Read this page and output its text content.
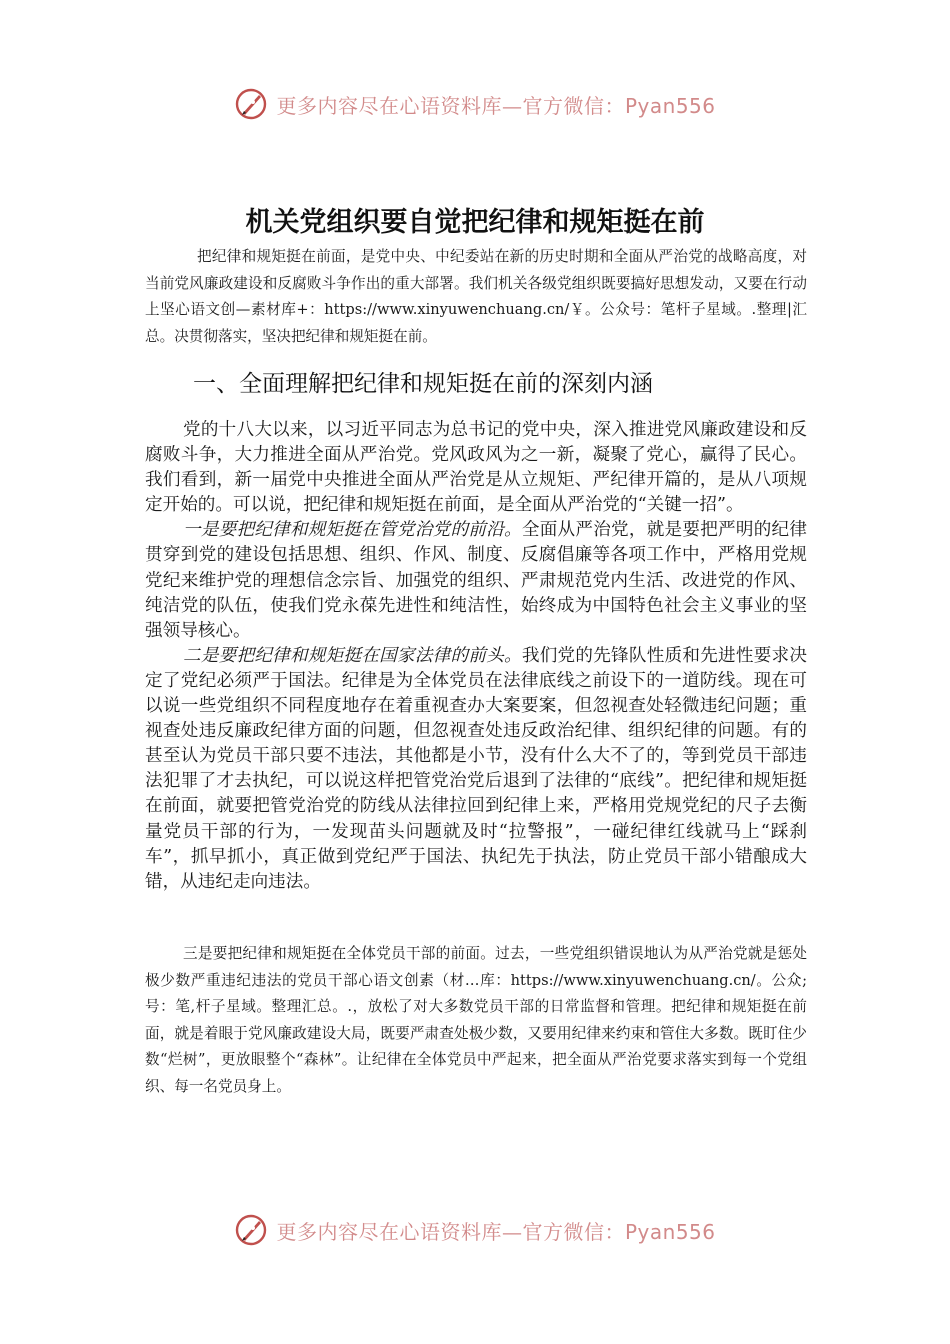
更多内容尽在心语资料库—官方微信：Pyan556
机关党组织要自觉把纪律和规矩挺在前

把纪律和规矩挺在前面，是党中央、中纪委站在新的历史时期和全面从严治党的战略高度，对当前党风廉政建设和反腐败斗争作出的重大部署。我们机关各级党组织既要搞好思想发动，又要在行动上坚心语文创—素材库+：https://www.xinyuwenchuang.cn/￥。公众号：笔杆子星域。.整理|汇总。决贯彻落实，坚决把纪律和规矩挺在前。

一、全面理解把纪律和规矩挺在前的深刻内涵

党的十八大以来，以习近平同志为总书记的党中央，深入推进党风廉政建设和反腐败斗争，大力推进全面从严治党。党风政风为之一新，凝聚了党心，赢得了民心。我们看到，新一届党中央推进全面从严治党是从立规矩、严纪律开篇的，是从八项规定开始的。可以说，把纪律和规矩挺在前面，是全面从严治党的“关键一招”。

一是要把纪律和规矩挺在管党治党的前沿。全面从严治党，就是要把严明的纪律贯穿到党的建设包括思想、组织、作风、制度、反腐倡廉等各项工作中，严格用党规党纪来维护党的理想信念宗旨、加强党的组织、严肃规范党内生活、改进党的作风、纯洁党的队伍，使我们党永葆先进性和纯洁性，始终成为中国特色社会主义事业的坚强领导核心。

二是要把纪律和规矩挺在国家法律的前头。我们党的先锋队性质和先进性要求决定了党纪必须严于国法。纪律是为全体党员在法律底线之前设下的一道防线。现在可以说一些党组织不同程度地存在着重视查办大案要案，但忽视查处轻微违纪问题；重视查处违反廉政纪律方面的问题，但忽视查处违反政治纪律、组织纪律的问题。有的甚至认为党员干部只要不违法，其他都是小节，没有什么大不了的，等到党员干部违法犯罪了才去执纪，可以说这样把管党治党后退到了法律的“底线”。把纪律和规矩挺在前面，就要把管党治党的防线从法律拉回到纪律上来，严格用党规党纪的尺子去衡量党员干部的行为，一发现苗头问题就及时“拉警报”，一碰纪律红线就马上“踩刹车”，抓早抓小，真正做到党纪严于国法、执纪先于执法，防止党员干部小错酿成大错，从违纪走向违法。

三是要把纪律和规矩挺在全体党员干部的前面。过去，一些党组织错误地认为从严治党就是惩处极少数严重违纪违法的党员干部心语文创素（材…库：https://www.xinyuwenchuang.cn/。公众;号：笔,杆子星域。整理汇总。.，放松了对大多数党员干部的日常监督和管理。把纪律和规矩挺在前面，就是着眼于党风廉政建设大局，既要严肃查处极少数，又要用纪律来约束和管住大多数。既盯住少数“烂树”，更放眼整个“森林”。让纪律在全体党员中严起来，把全面从严治党要求落实到每一个党组织、每一名党员身上。

更多内容尽在心语资料库—官方微信：Pyan556
